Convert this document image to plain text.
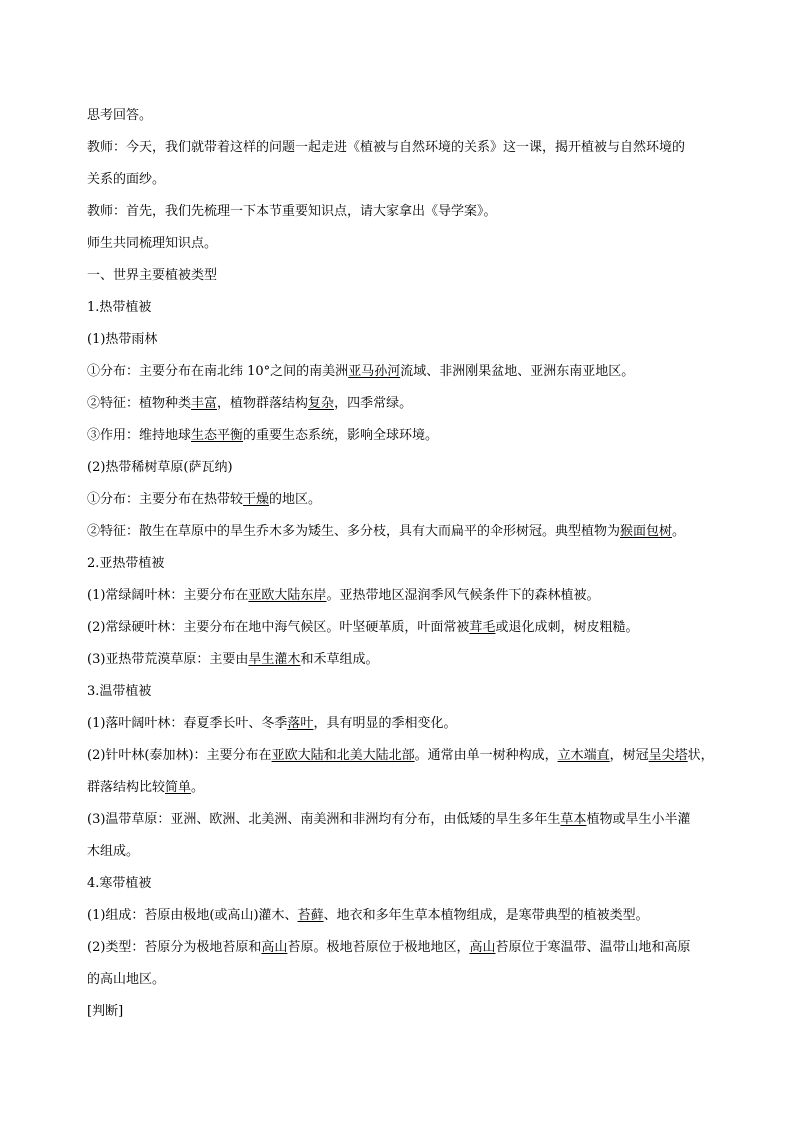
思考回答。
教师：今天，我们就带着这样的问题一起走进《植被与自然环境的关系》这一课，揭开植被与自然环境的
关系的面纱。
教师：首先，我们先梳理一下本节重要知识点，请大家拿出《导学案》。
师生共同梳理知识点。
一、世界主要植被类型
1.热带植被
(1)热带雨林
①分布：主要分布在南北纬 10°之间的南美洲亚马孙河流域、非洲刚果盆地、亚洲东南亚地区。
②特征：植物种类丰富，植物群落结构复杂，四季常绿。
③作用：维持地球生态平衡的重要生态系统，影响全球环境。
(2)热带稀树草原(萨瓦纳)
①分布：主要分布在热带较干燥的地区。
②特征：散生在草原中的旱生乔木多为矮生、多分枝，具有大而扁平的伞形树冠。典型植物为猴面包树。
2.亚热带植被
(1)常绿阔叶林：主要分布在亚欧大陆东岸。亚热带地区湿润季风气候条件下的森林植被。
(2)常绿硬叶林：主要分布在地中海气候区。叶坚硬革质，叶面常被茸毛或退化成刺，树皮粗糙。
(3)亚热带荒漠草原：主要由旱生灌木和禾草组成。
3.温带植被
(1)落叶阔叶林：春夏季长叶、冬季落叶，具有明显的季相变化。
(2)针叶林(泰加林)：主要分布在亚欧大陆和北美大陆北部。通常由单一树种构成，立木端直，树冠呈尖塔状，
群落结构比较简单。
(3)温带草原：亚洲、欧洲、北美洲、南美洲和非洲均有分布，由低矮的旱生多年生草本植物或旱生小半灌
木组成。
4.寒带植被
(1)组成：苔原由极地(或高山)灌木、苔藓、地衣和多年生草本植物组成，是寒带典型的植被类型。
(2)类型：苔原分为极地苔原和高山苔原。极地苔原位于极地地区，高山苔原位于寒温带、温带山地和高原
的高山地区。
[判断]
